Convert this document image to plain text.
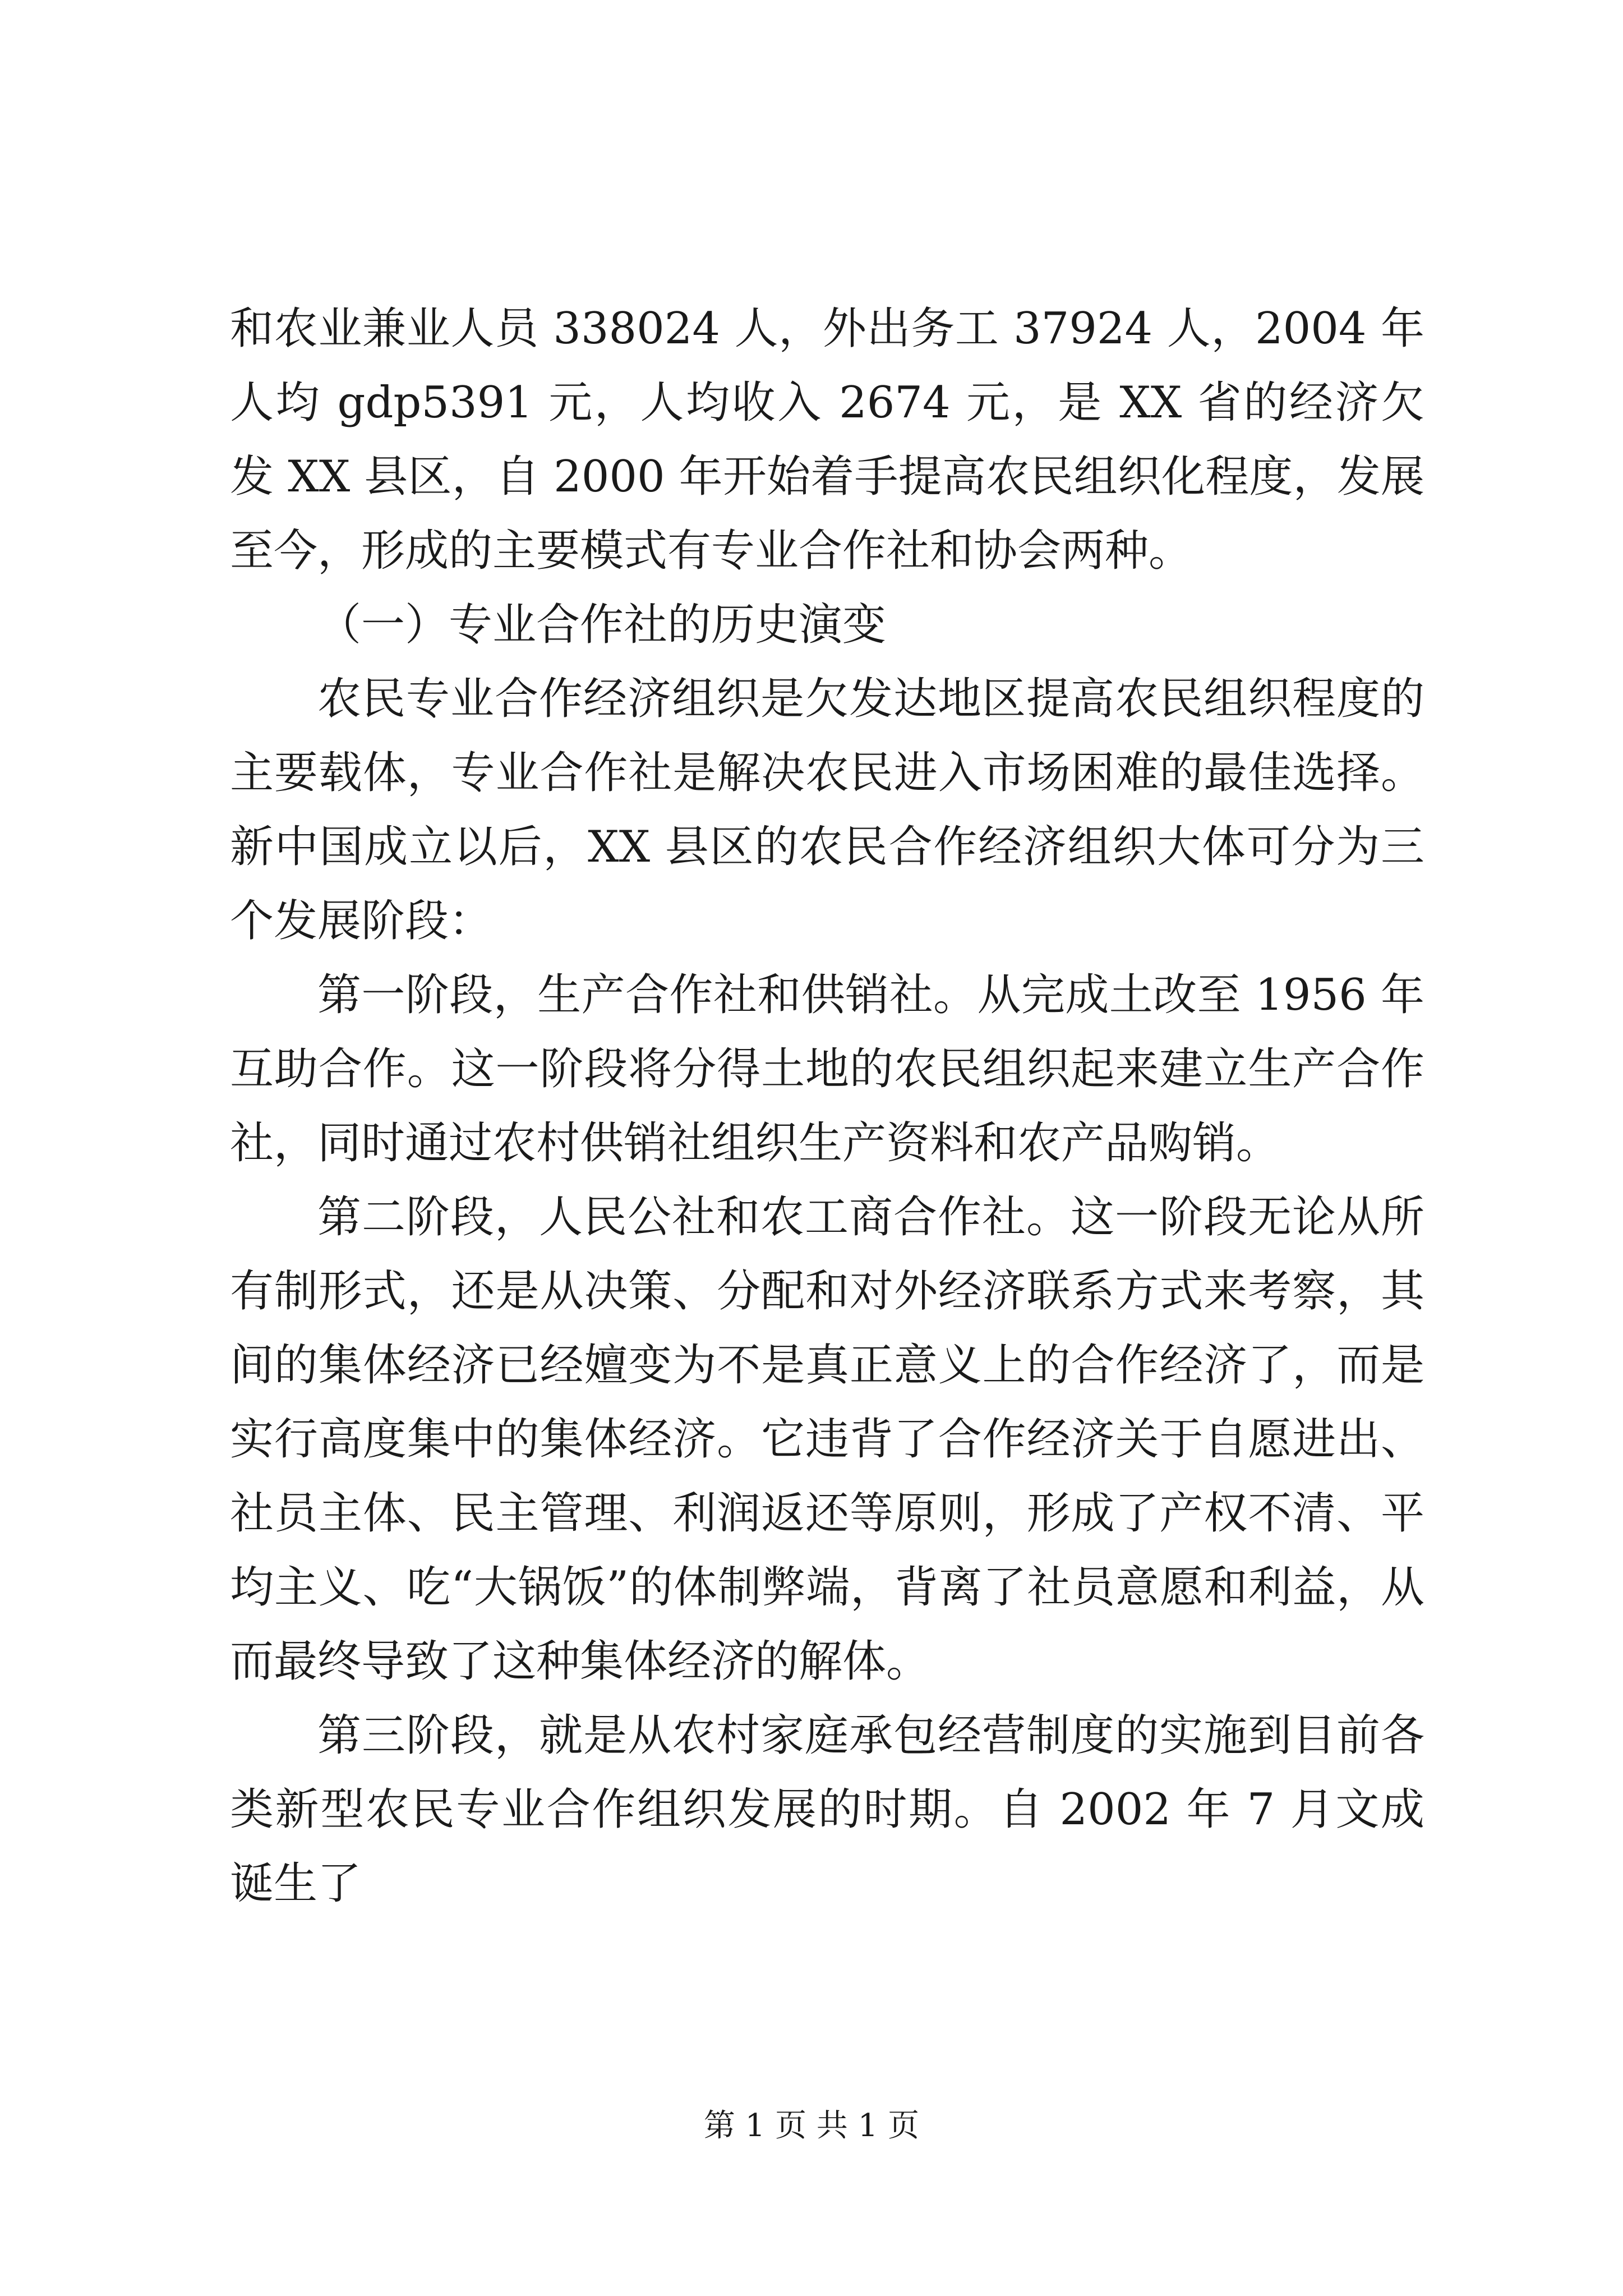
和农业兼业人员 338024 人，外出务工 37924 人，2004 年人均 gdp5391 元，人均收入 2674 元，是 XX 省的经济欠发 XX 县区，自 2000 年开始着手提高农民组织化程度，发展至今，形成的主要模式有专业合作社和协会两种。

（一）专业合作社的历史演变

农民专业合作经济组织是欠发达地区提高农民组织程度的主要载体，专业合作社是解决农民进入市场困难的最佳选择。新中国成立以后，XX 县区的农民合作经济组织大体可分为三个发展阶段：

第一阶段，生产合作社和供销社。从完成土改至 1956 年互助合作。这一阶段将分得土地的农民组织起来建立生产合作社，同时通过农村供销社组织生产资料和农产品购销。

第二阶段，人民公社和农工商合作社。这一阶段无论从所有制形式，还是从决策、分配和对外经济联系方式来考察，其间的集体经济已经嬗变为不是真正意义上的合作经济了，而是实行高度集中的集体经济。它违背了合作经济关于自愿进出、社员主体、民主管理、利润返还等原则，形成了产权不清、平均主义、吃“大锅饭”的体制弊端，背离了社员意愿和利益，从而最终导致了这种集体经济的解体。

第三阶段，就是从农村家庭承包经营制度的实施到目前各类新型农民专业合作组织发展的时期。自 2002 年 7 月文成诞生了

第 1 页 共 1 页
